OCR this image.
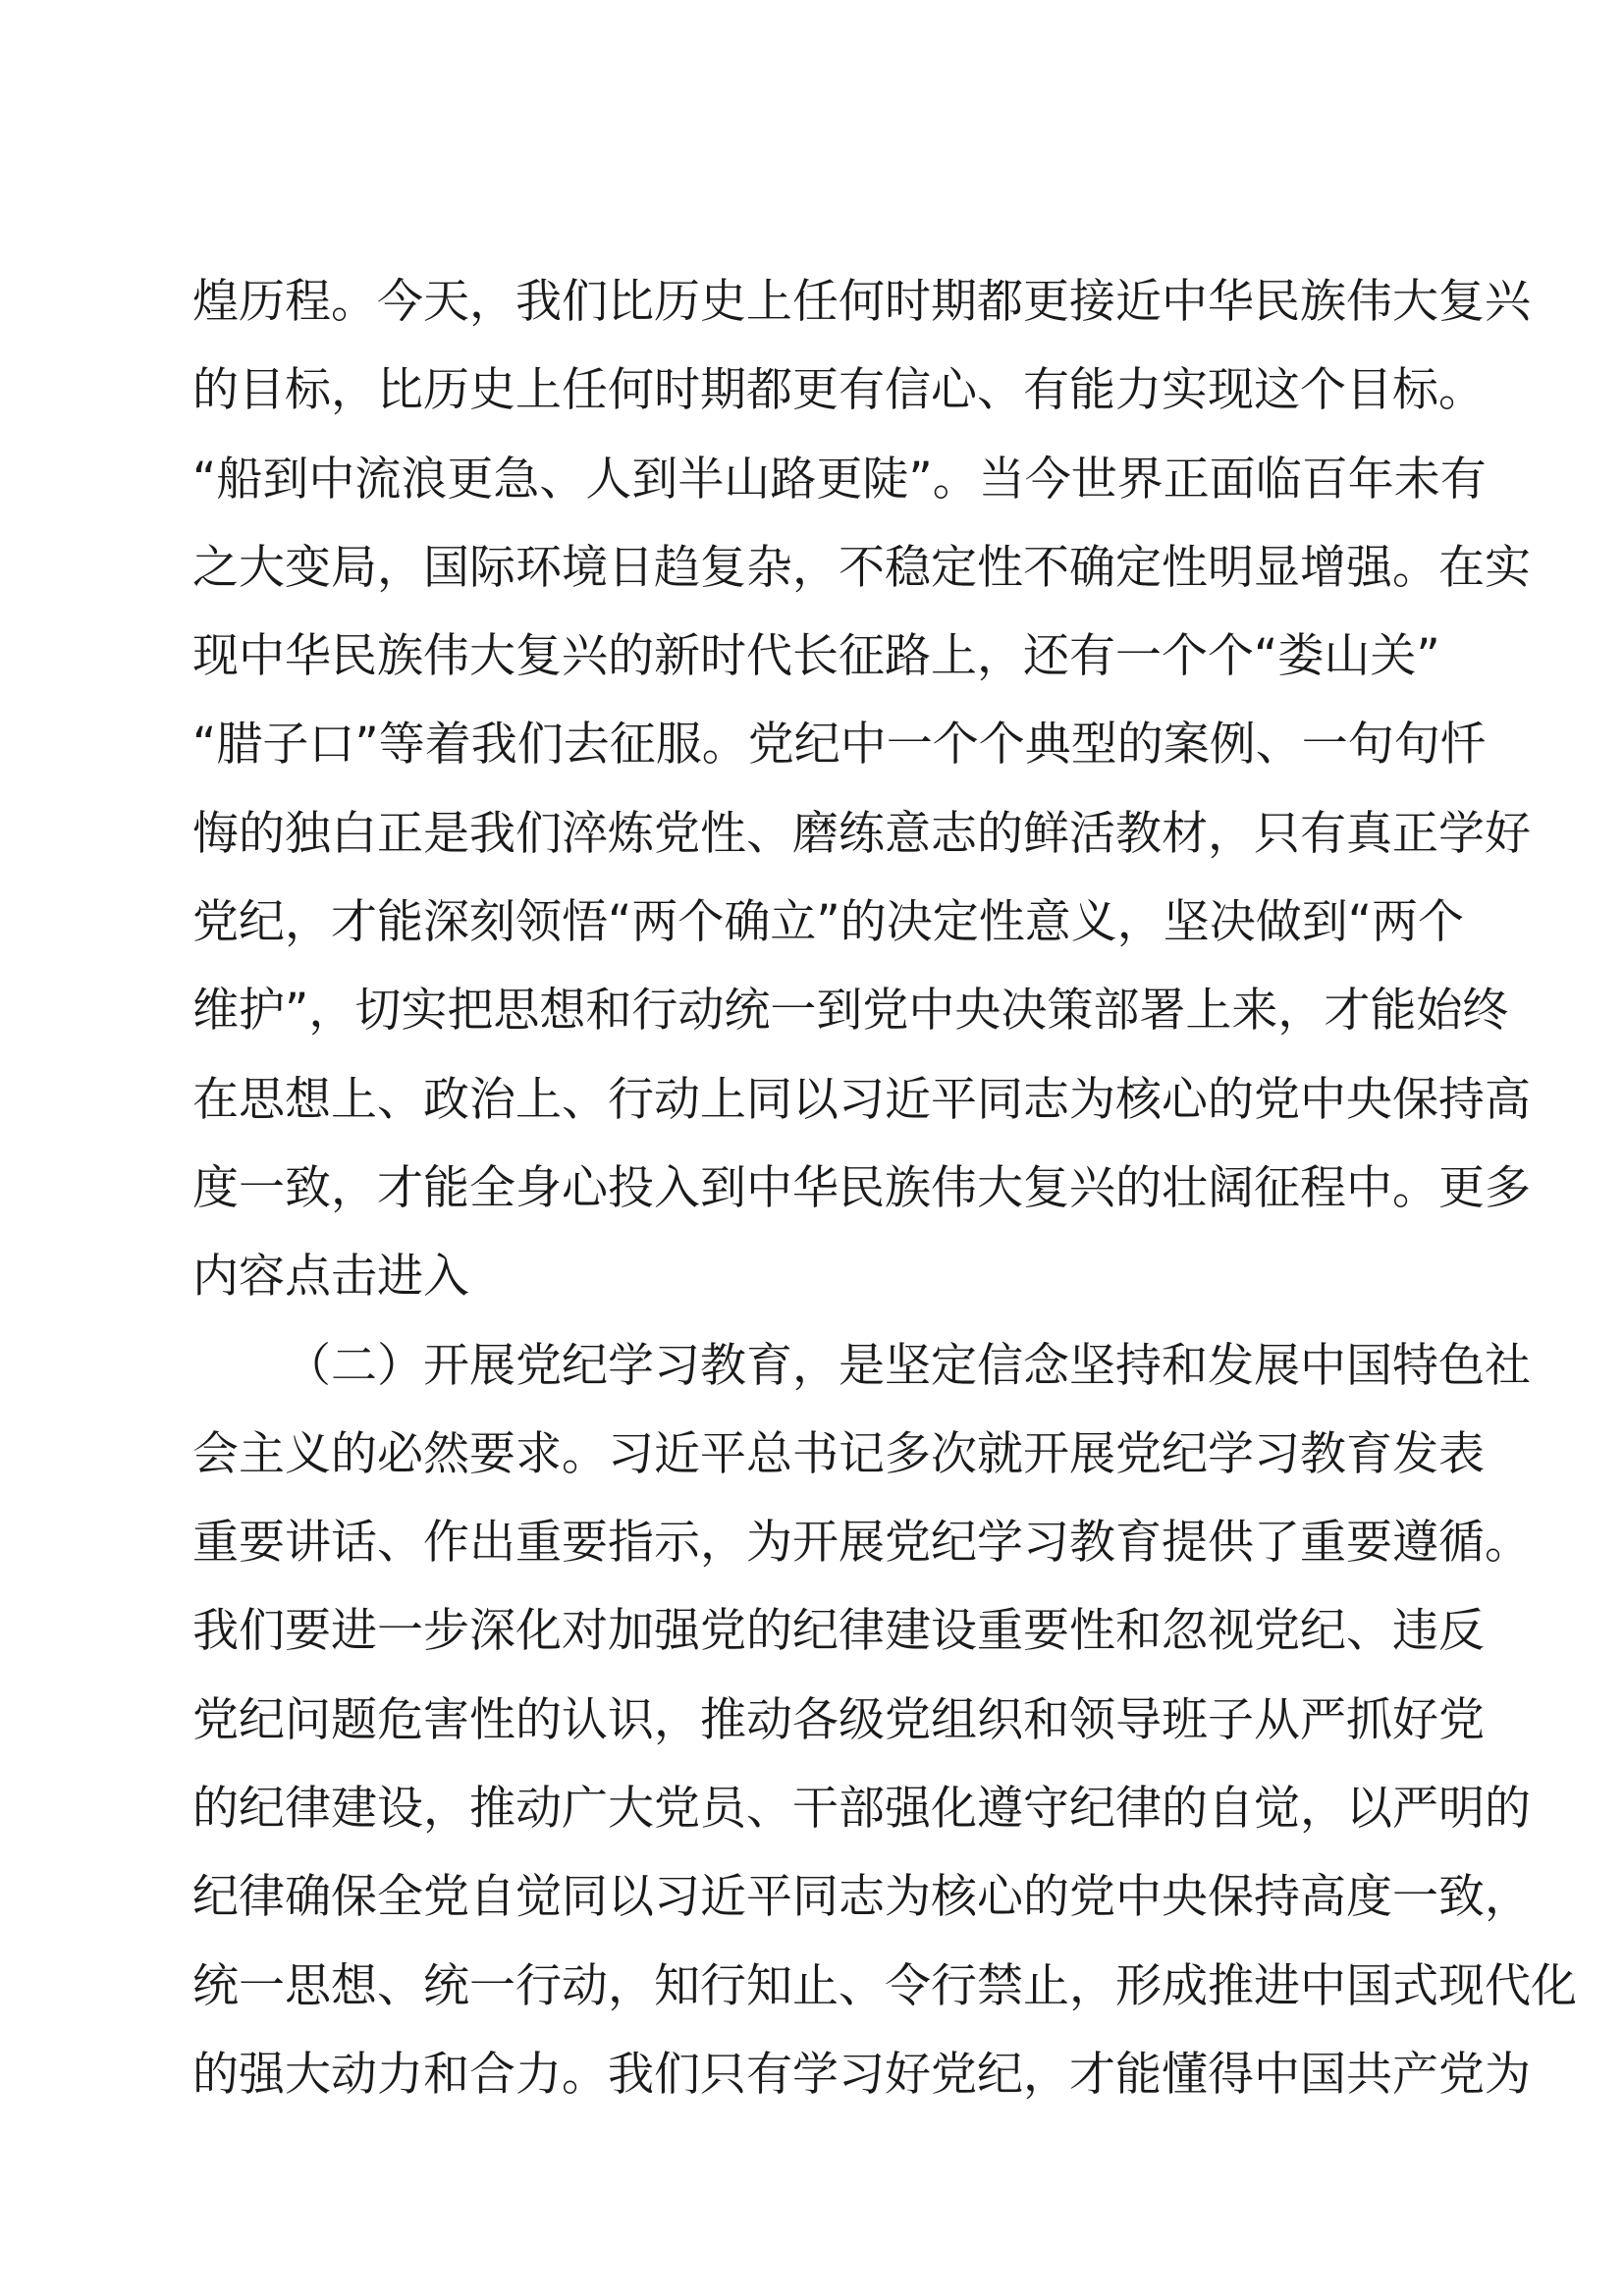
煌历程。今天，我们比历史上任何时期都更接近中华民族伟大复兴
的目标，比历史上任何时期都更有信心、有能力实现这个目标。
“船到中流浪更急、人到半山路更陡”。当今世界正面临百年未有
之大变局，国际环境日趋复杂，不稳定性不确定性明显增强。在实
现中华民族伟大复兴的新时代长征路上，还有一个个“娄山关”
“腊子口”等着我们去征服。党纪中一个个典型的案例、一句句忏
悔的独白正是我们淬炼党性、磨练意志的鲜活教材，只有真正学好
党纪，才能深刻领悟“两个确立”的决定性意义，坚决做到“两个
维护”，切实把思想和行动统一到党中央决策部署上来，才能始终
在思想上、政治上、行动上同以习近平同志为核心的党中央保持高
度一致，才能全身心投入到中华民族伟大复兴的壮阔征程中。更多
内容点击进入
（二）开展党纪学习教育，是坚定信念坚持和发展中国特色社
会主义的必然要求。习近平总书记多次就开展党纪学习教育发表
重要讲话、作出重要指示，为开展党纪学习教育提供了重要遵循。
我们要进一步深化对加强党的纪律建设重要性和忽视党纪、违反
党纪问题危害性的认识，推动各级党组织和领导班子从严抓好党
的纪律建设，推动广大党员、干部强化遵守纪律的自觉，以严明的
纪律确保全党自觉同以习近平同志为核心的党中央保持高度一致，
统一思想、统一行动，知行知止、令行禁止，形成推进中国式现代化
的强大动力和合力。我们只有学习好党纪，才能懂得中国共产党为
